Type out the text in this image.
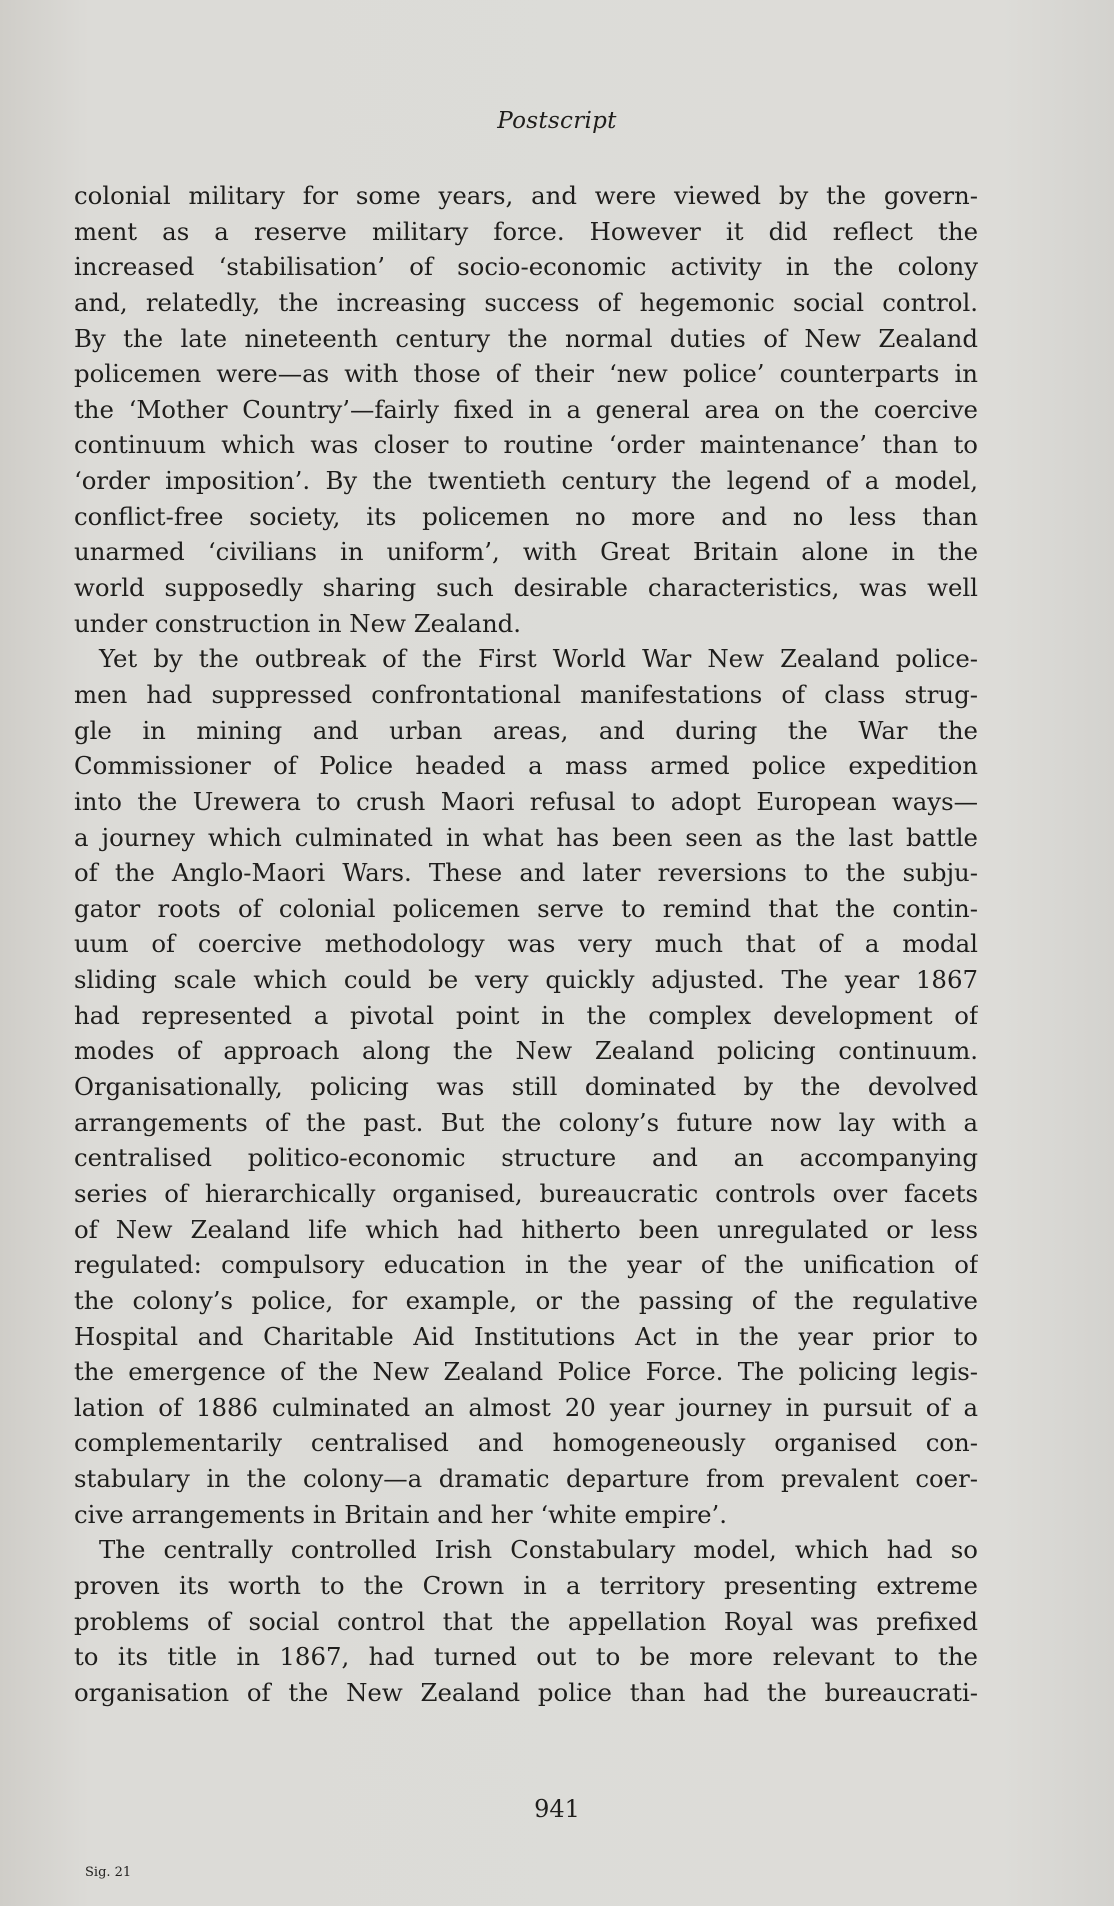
Postscript
colonial military for some years, and were viewed by the govern-
ment as a reserve military force. However it did reflect the
increased ‘stabilisation’ of socio-economic activity in the colony
and, relatedly, the increasing success of hegemonic social control.
By the late nineteenth century the normal duties of New Zealand
policemen were—as with those of their ‘new police’ counterparts in
the ‘Mother Country’—fairly fixed in a general area on the coercive
continuum which was closer to routine ‘order maintenance’ than to
‘order imposition’. By the twentieth century the legend of a model,
conflict-free society, its policemen no more and no less than
unarmed ‘civilians in uniform’, with Great Britain alone in the
world supposedly sharing such desirable characteristics, was well
under construction in New Zealand.
Yet by the outbreak of the First World War New Zealand police-
men had suppressed confrontational manifestations of class strug-
gle in mining and urban areas, and during the War the
Commissioner of Police headed a mass armed police expedition
into the Urewera to crush Maori refusal to adopt European ways—
a journey which culminated in what has been seen as the last battle
of the Anglo-Maori Wars. These and later reversions to the subju-
gator roots of colonial policemen serve to remind that the contin-
uum of coercive methodology was very much that of a modal
sliding scale which could be very quickly adjusted. The year 1867
had represented a pivotal point in the complex development of
modes of approach along the New Zealand policing continuum.
Organisationally, policing was still dominated by the devolved
arrangements of the past. But the colony’s future now lay with a
centralised politico-economic structure and an accompanying
series of hierarchically organised, bureaucratic controls over facets
of New Zealand life which had hitherto been unregulated or less
regulated: compulsory education in the year of the unification of
the colony’s police, for example, or the passing of the regulative
Hospital and Charitable Aid Institutions Act in the year prior to
the emergence of the New Zealand Police Force. The policing legis-
lation of 1886 culminated an almost 20 year journey in pursuit of a
complementarily centralised and homogeneously organised con-
stabulary in the colony—a dramatic departure from prevalent coer-
cive arrangements in Britain and her ‘white empire’.
The centrally controlled Irish Constabulary model, which had so
proven its worth to the Crown in a territory presenting extreme
problems of social control that the appellation Royal was prefixed
to its title in 1867, had turned out to be more relevant to the
organisation of the New Zealand police than had the bureaucrati-
941
Sig. 21
